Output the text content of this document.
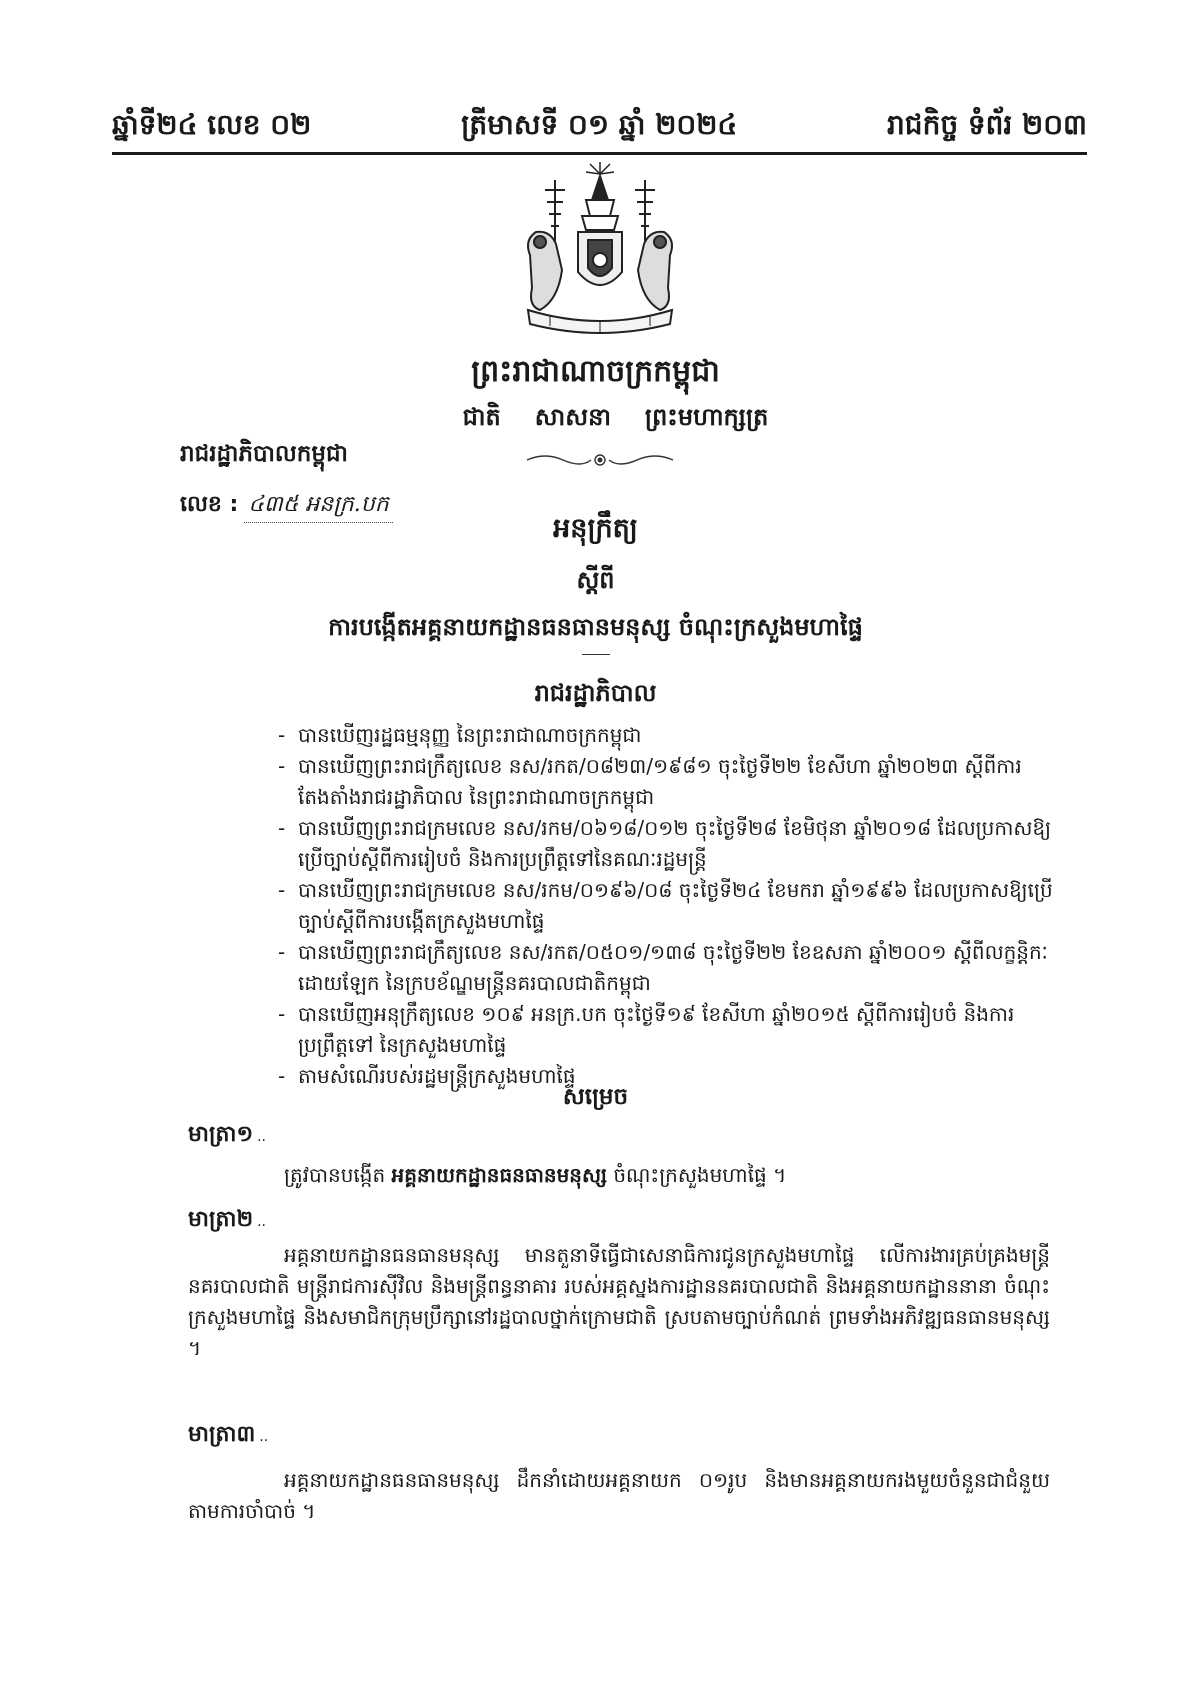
ឆ្នាំទី២៤ លេខ ០២	ត្រីមាសទី ០១ ឆ្នាំ ២០២៤	រាជកិច្ច ទំព័រ ២០៣
ព្រះរាជាណាចក្រកម្ពុជា
ជាតិ សាសនា ព្រះមហាក្សត្រ
រាជរដ្ឋាភិបាលកម្ពុជា
លេខ : ៤៣៥ អនក្រ.បក
អនុក្រឹត្យ
ស្តីពី
ការបង្កើតអគ្គនាយកដ្ឋានធនធានមនុស្ស ចំណុះក្រសួងមហាផ្ទៃ
រាជរដ្ឋាភិបាល
- បានឃើញរដ្ឋធម្មនុញ្ញ នៃព្រះរាជាណាចក្រកម្ពុជា
- បានឃើញព្រះរាជក្រឹត្យលេខ នស/រកត/០៨២៣/១៩៨១ ចុះថ្ងៃទី២២ ខែសីហា ឆ្នាំ២០២៣ ស្តីពីការតែងតាំងរាជរដ្ឋាភិបាល នៃព្រះរាជាណាចក្រកម្ពុជា
- បានឃើញព្រះរាជក្រមលេខ នស/រកម/០៦១៨/០១២ ចុះថ្ងៃទី២៨ ខែមិថុនា ឆ្នាំ២០១៨ ដែលប្រកាសឱ្យប្រើច្បាប់ស្តីពីការរៀបចំ និងការប្រព្រឹត្តទៅនៃគណៈរដ្ឋមន្ត្រី
- បានឃើញព្រះរាជក្រមលេខ នស/រកម/០១៩៦/០៨ ចុះថ្ងៃទី២៤ ខែមករា ឆ្នាំ១៩៩៦ ដែលប្រកាសឱ្យប្រើច្បាប់ស្តីពីការបង្កើតក្រសួងមហាផ្ទៃ
- បានឃើញព្រះរាជក្រឹត្យលេខ នស/រកត/០៥០១/១៣៨ ចុះថ្ងៃទី២២ ខែឧសភា ឆ្នាំ២០០១ ស្តីពីលក្ខន្តិកៈដោយឡែក នៃក្របខ័ណ្ឌមន្ត្រីនគរបាលជាតិកម្ពុជា
- បានឃើញអនុក្រឹត្យលេខ ១០៩ អនក្រ.បក ចុះថ្ងៃទី១៩ ខែសីហា ឆ្នាំ២០១៥ ស្តីពីការរៀបចំ និងការប្រព្រឹត្តទៅ នៃក្រសួងមហាផ្ទៃ
- តាមសំណើរបស់រដ្ឋមន្ត្រីក្រសួងមហាផ្ទៃ
សម្រេច
មាត្រា១ ..

ត្រូវបានបង្កើត អគ្គនាយកដ្ឋានធនធានមនុស្ស ចំណុះក្រសួងមហាផ្ទៃ ។

មាត្រា២ ..

អគ្គនាយកដ្ឋានធនធានមនុស្ស មានតួនាទីធ្វើជាសេនាធិការជូនក្រសួងមហាផ្ទៃ លើការងារគ្រប់គ្រងមន្ត្រីនគរបាលជាតិ មន្ត្រីរាជការស៊ីវិល និងមន្ត្រីពន្ធនាគារ របស់អគ្គស្នងការដ្ឋាននគរបាលជាតិ និងអគ្គនាយកដ្ឋាននានា ចំណុះក្រសួងមហាផ្ទៃ និងសមាជិកក្រុមប្រឹក្សានៅរដ្ឋបាលថ្នាក់ក្រោមជាតិ ស្របតាមច្បាប់កំណត់ ព្រមទាំងអភិវឌ្ឍធនធានមនុស្ស ។

មាត្រា៣ ..

អគ្គនាយកដ្ឋានធនធានមនុស្ស ដឹកនាំដោយអគ្គនាយក ០១រូប និងមានអគ្គនាយករងមួយចំនួនជាជំនួយ តាមការចាំបាច់ ។
